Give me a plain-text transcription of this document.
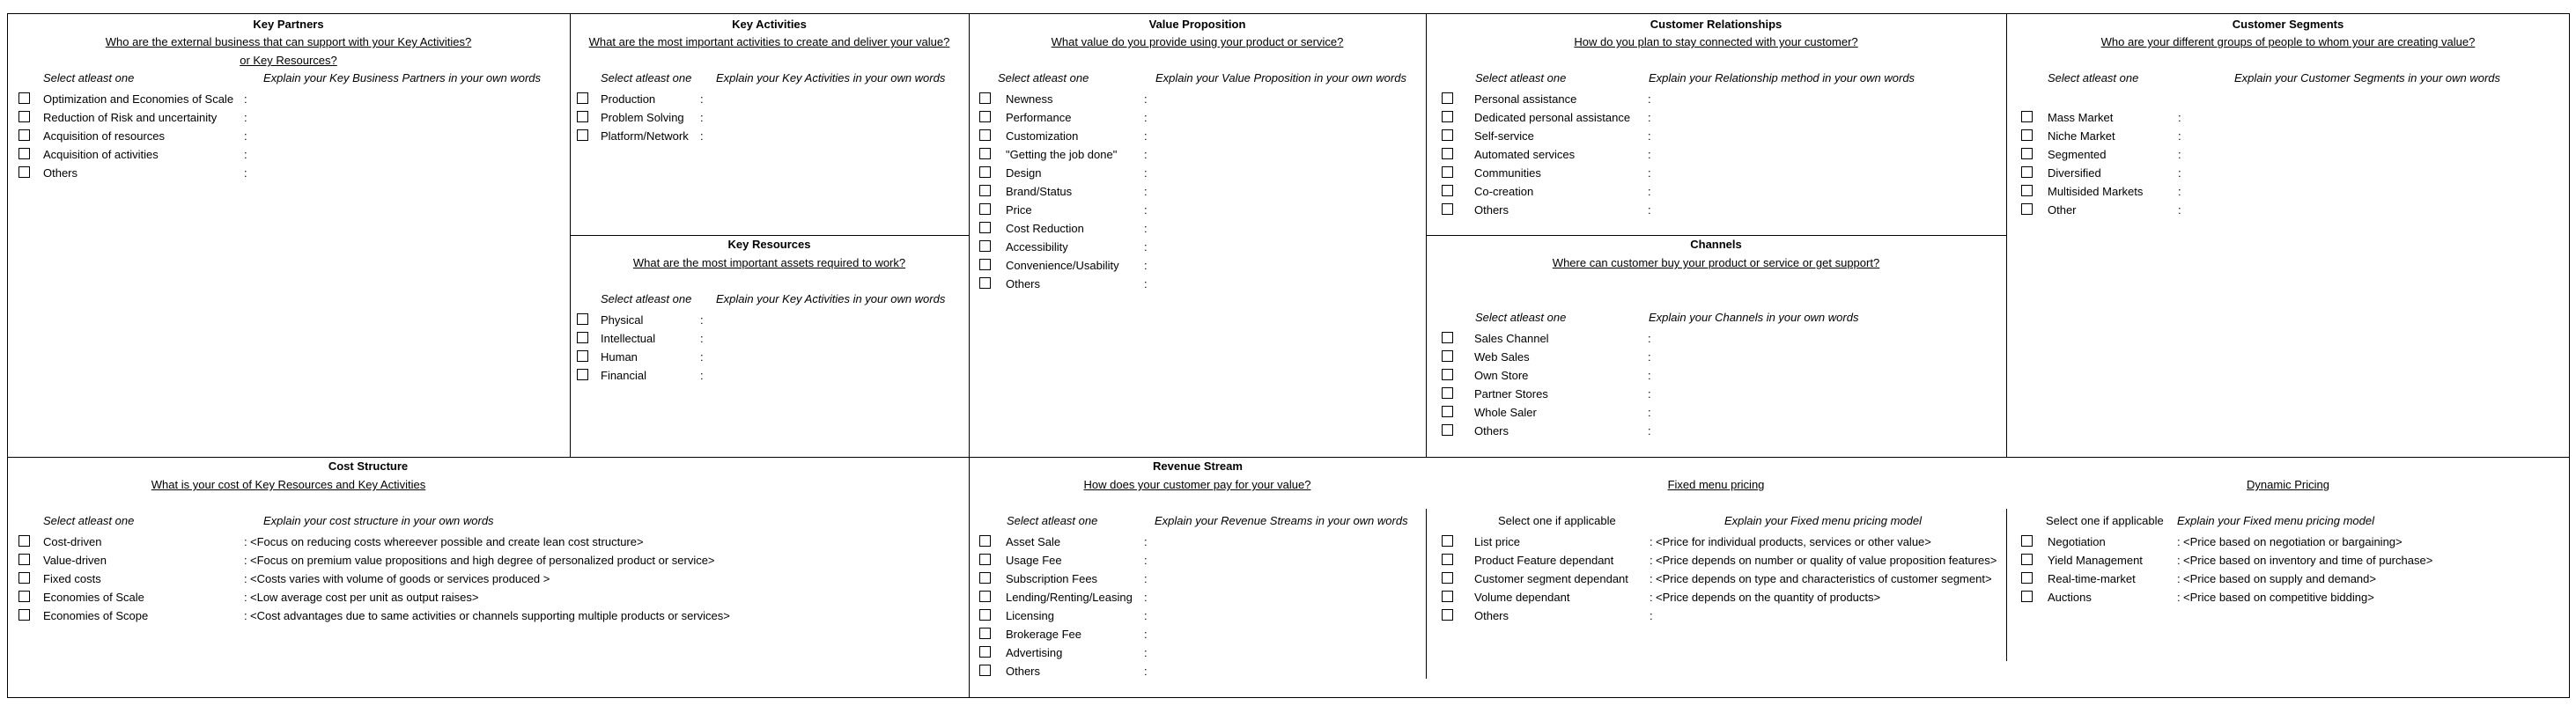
Key Partners
Who are the external business that can support with your Key Activities?
or Key Resources?
Select atleast one	Explain your Key Business Partners in your own words
Optimization and Economies of Scale :
Reduction of Risk and uncertainity :
Acquisition of resources	:
Acquisition of activities	:
Others	:
Key Activities
What are the most important activities to create and deliver your value?
Select atleast one Explain your Key Activities in your own words
Production	:
Problem Solving :
Platform/Network :
Key Resources
What are the most important assets required to work?
Select atleast one Explain your Key Activities in your own words
Physical	:
Intellectual	:
Human	:
Financial	:
Value Proposition
What value do you provide using your product or service?
Select atleast one	Explain your Value Proposition in your own words
Newness	:
Performance	:
Customization	:
"Getting the job done" :
Design	:
Brand/Status	:
Price	:
Cost Reduction	:
Accessibility	:
Convenience/Usability :
Others	:
Customer Relationships
How do you plan to stay connected with your customer?
Select atleast one	Explain your Relationship method in your own words
Personal assistance	:
Dedicated personal assistance :
Self-service	:
Automated services	:
Communities	:
Co-creation	:
Others	:
Channels
Where can customer buy your product or service or get support?
Select atleast one	Explain your Channels in your own words
Sales Channel	:
Web Sales	:
Own Store	:
Partner Stores	:
Whole Saler	:
Others	:
Customer Segments
Who are your different groups of people to whom your are creating value?
Select atleast one	Explain your Customer Segments in your own words
Mass Market	:
Niche Market	:
Segmented	:
Diversified	:
Multisided Markets	:
Other	:
Cost Structure
What is your cost of Key Resources and Key Activities
Select atleast one	Explain your cost structure in your own words
Cost-driven	: <Focus on reducing costs whereever possible and create lean cost structure>
Value-driven	: <Focus on premium value propositions and high degree of personalized product or service>
Fixed costs	: <Costs varies with volume of goods or services produced >
Economies of Scale	: <Low average cost per unit as output raises>
Economies of Scope	: <Cost advantages due to same activities or channels supporting multiple products or services>
Revenue Stream
How does your customer pay for your value?
Select atleast one	Explain your Revenue Streams in your own words
Asset Sale	:
Usage Fee	:
Subscription Fees	:
Lending/Renting/Leasing :
Licensing	:
Brokerage Fee	:
Advertising	:
Others	:
Fixed menu pricing
Select one if applicable	Explain your Fixed menu pricing model
List price	: <Price for individual products, services or other value>
Product Feature dependant	: <Price depends on number or quality of value proposition features>
Customer segment dependant : <Price depends on type and characteristics of customer segment>
Volume dependant	: <Price depends on the quantity of products>
Others	:
Dynamic Pricing
Select one if applicable Explain your Fixed menu pricing model
Negotiation	: <Price based on negotiation or bargaining>
Yield Management	: <Price based on inventory and time of purchase>
Real-time-market	: <Price based on supply and demand>
Auctions	: <Price based on competitive bidding>
